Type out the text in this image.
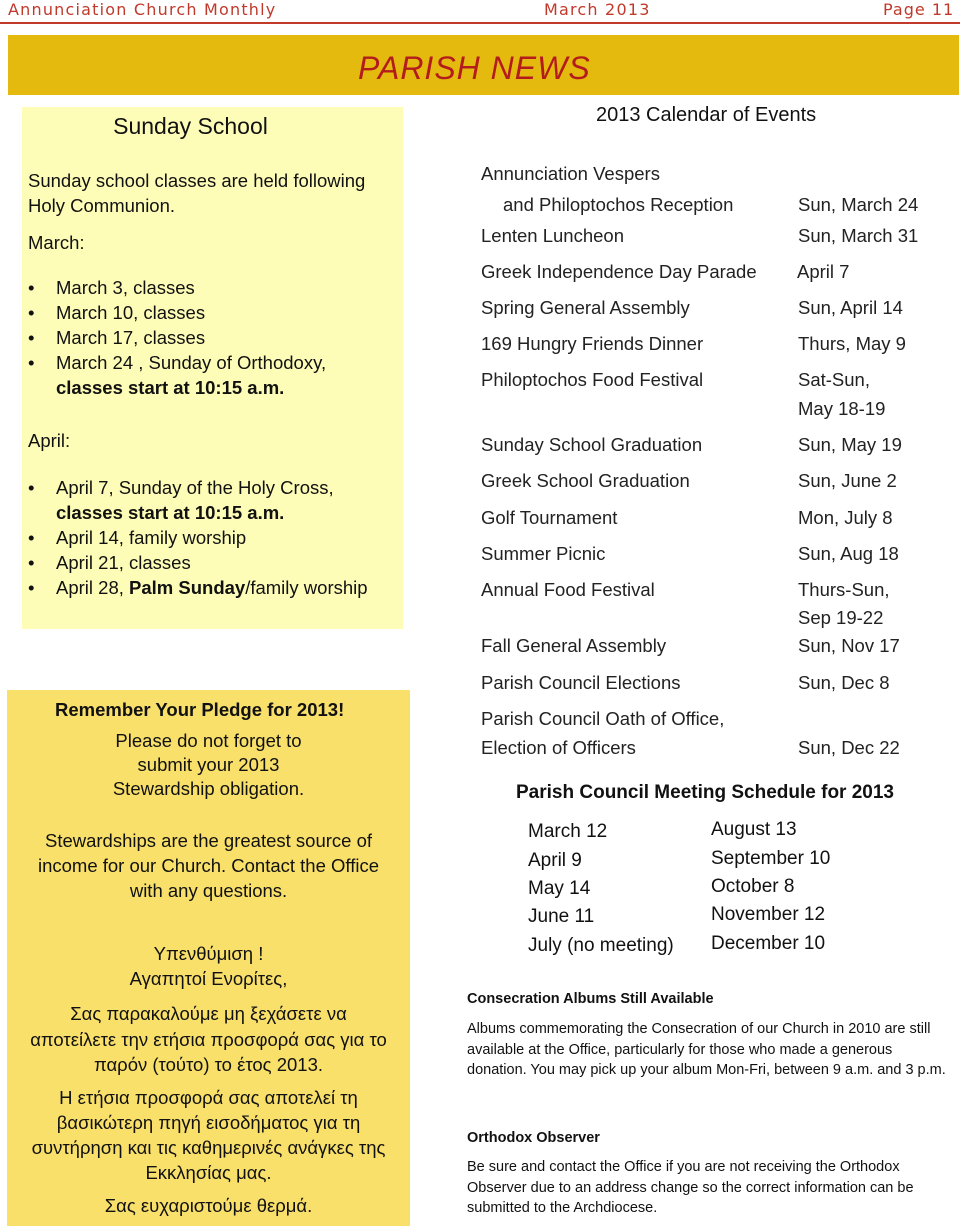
Annunciation Church Monthly	March 2013	Page 11
PARISH NEWS
Sunday School
Sunday school classes are held following Holy Communion.
March:
• March 3, classes
• March 10, classes
• March 17, classes
• March 24 , Sunday of Orthodoxy,
classes start at 10:15 a.m.
April:
• April 7, Sunday of the Holy Cross,
classes start at 10:15 a.m.
• April 14, family worship
• April 21, classes
• April 28, Palm Sunday/family worship
Remember Your Pledge for 2013!
Please do not forget to
submit your 2013
Stewardship obligation.
Stewardships are the greatest source of
income for our Church. Contact the Office
with any questions.
Υπενθύμιση !
Αγαπητοί Ενορίτες,
Σας παρακαλούμε μη ξεχάσετε να
αποτείλετε την ετήσια προσφορά σας για το
παρόν (τούτο) το έτος 2013.
Η ετήσια προσφορά σας αποτελεί τη
βασικώτερη πηγή εισοδήματος για τη
συντήρηση και τις καθημερινές ανάγκες της
Εκκλησίας μας.
Σας ευχαριστούμε θερμά.
2013 Calendar of Events
Annunciation Vespers
and Philoptochos Reception	Sun, March 24
Lenten Luncheon	Sun, March 31
Greek Independence Day Parade April 7
Spring General Assembly	Sun, April 14
169 Hungry Friends Dinner	Thurs, May 9
Philoptochos Food Festival	Sat-Sun,
May 18-19
Sunday School Graduation	Sun, May 19
Greek School Graduation	Sun, June 2
Golf Tournament	Mon, July 8
Summer Picnic	Sun, Aug 18
Annual Food Festival	Thurs-Sun,
Sep 19-22
Fall General Assembly	Sun, Nov 17
Parish Council Elections	Sun, Dec 8
Parish Council Oath of Office,
Election of Officers	Sun, Dec 22
Parish Council Meeting Schedule for 2013
March 12
April 9
May 14
June 11
July (no meeting)
August 13
September 10
October 8
November 12
December 10
Consecration Albums Still Available
Albums commemorating the Consecration of our Church in 2010 are still available at the Office, particularly for those who made a generous donation. You may pick up your album Mon-Fri, between 9 a.m. and 3 p.m.
Orthodox Observer
Be sure and contact the Office if you are not receiving the Orthodox Observer due to an address change so the correct information can be submitted to the Archdiocese.
